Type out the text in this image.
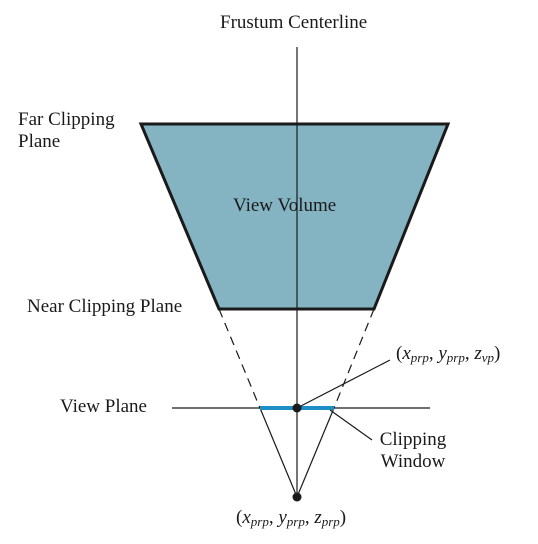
Frustum Centerline
Far Clipping
Plane
View Volume
Near Clipping Plane
View Plane
Clipping
Window
($x_{prp}$, $y_{prp}$, $z_{vp}$)
($x_{prp}$, $y_{prp}$, $z_{prp}$)
